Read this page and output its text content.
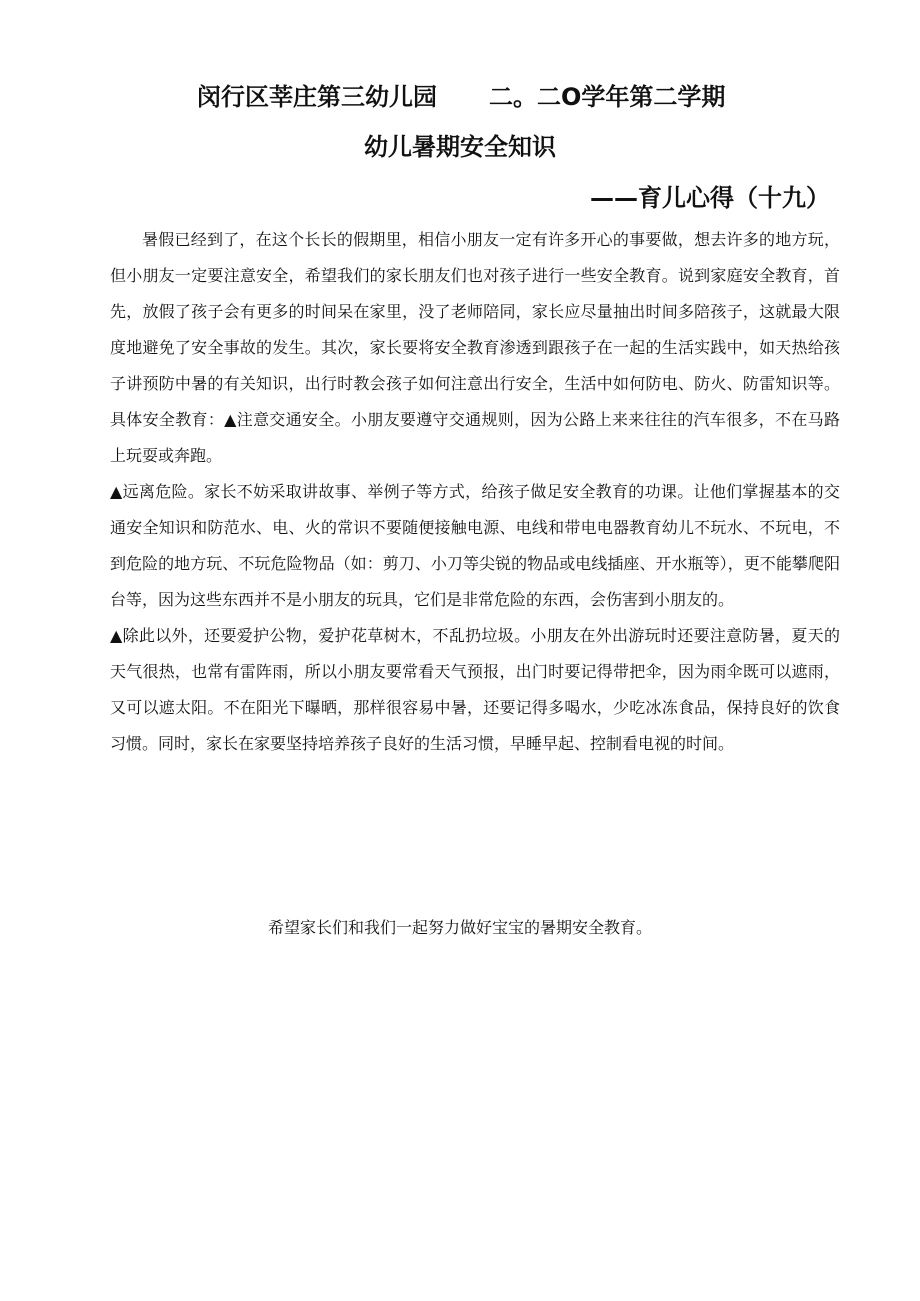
闵行区莘庄第三幼儿园 二。二O学年第二学期
幼儿暑期安全知识
——育儿心得（十九）

暑假已经到了，在这个长长的假期里，相信小朋友一定有许多开心的事要做，想去许多的地方玩，但小朋友一定要注意安全，希望我们的家长朋友们也对孩子进行一些安全教育。说到家庭安全教育，首先，放假了孩子会有更多的时间呆在家里，没了老师陪同，家长应尽量抽出时间多陪孩子，这就最大限度地避免了安全事故的发生。其次，家长要将安全教育渗透到跟孩子在一起的生活实践中，如天热给孩子讲预防中暑的有关知识，出行时教会孩子如何注意出行安全，生活中如何防电、防火、防雷知识等。具体安全教育：▲注意交通安全。小朋友要遵守交通规则，因为公路上来来往往的汽车很多，不在马路上玩耍或奔跑。

▲远离危险。家长不妨采取讲故事、举例子等方式，给孩子做足安全教育的功课。让他们掌握基本的交通安全知识和防范水、电、火的常识不要随便接触电源、电线和带电电器教育幼儿不玩水、不玩电，不到危险的地方玩、不玩危险物品（如：剪刀、小刀等尖锐的物品或电线插座、开水瓶等），更不能攀爬阳台等，因为这些东西并不是小朋友的玩具，它们是非常危险的东西，会伤害到小朋友的。

▲除此以外，还要爱护公物，爱护花草树木，不乱扔垃圾。小朋友在外出游玩时还要注意防暑，夏天的天气很热，也常有雷阵雨，所以小朋友要常看天气预报，出门时要记得带把伞，因为雨伞既可以遮雨，又可以遮太阳。不在阳光下曝晒，那样很容易中暑，还要记得多喝水，少吃冰冻食品，保持良好的饮食习惯。同时，家长在家要坚持培养孩子良好的生活习惯，早睡早起、控制看电视的时间。

希望家长们和我们一起努力做好宝宝的暑期安全教育。
